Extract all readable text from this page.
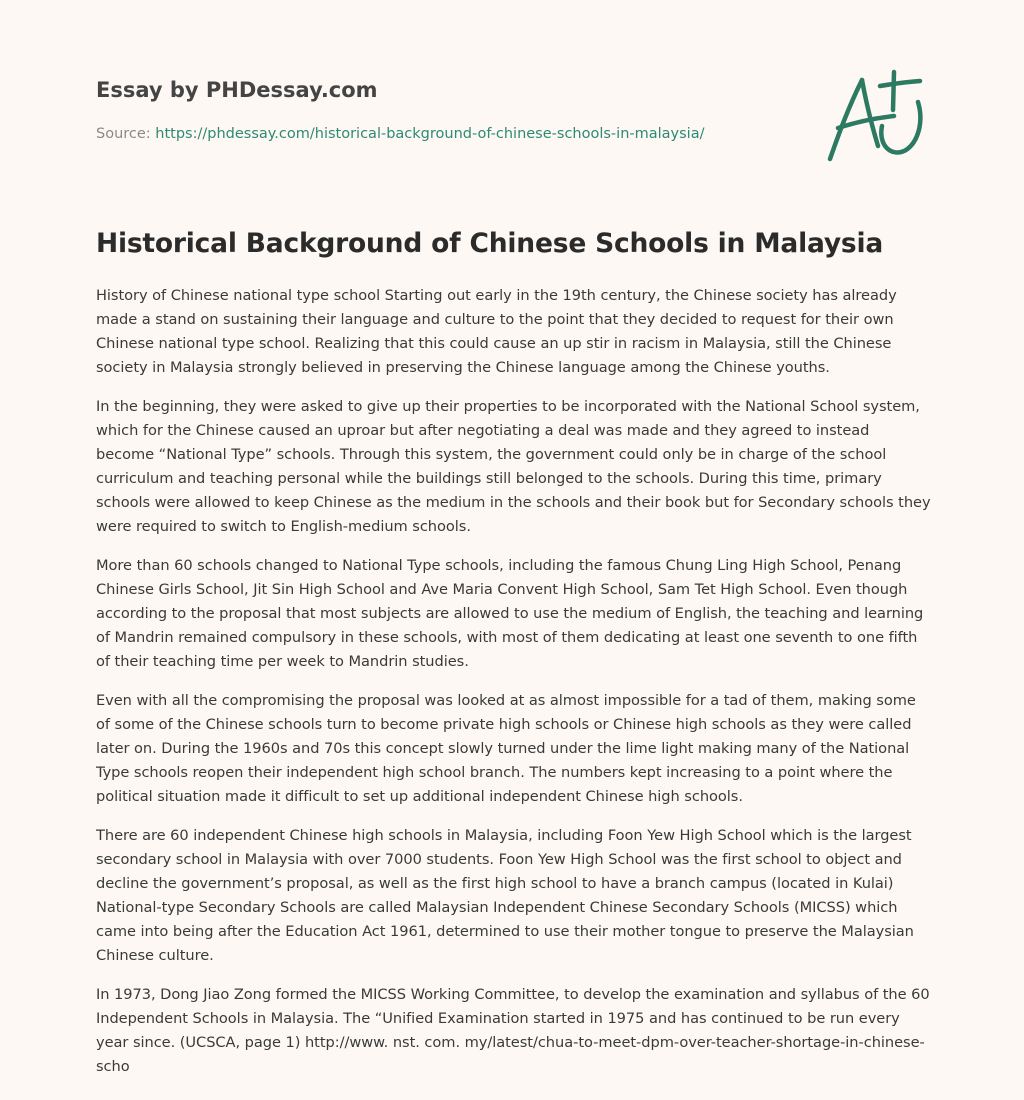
Essay by PHDessay.com
Source: https://phdessay.com/historical-background-of-chinese-schools-in-malaysia/
Historical Background of Chinese Schools in Malaysia

History of Chinese national type school Starting out early in the 19th century, the Chinese society has already made a stand on sustaining their language and culture to the point that they decided to request for their own Chinese national type school. Realizing that this could cause an up stir in racism in Malaysia, still the Chinese society in Malaysia strongly believed in preserving the Chinese language among the Chinese youths.

In the beginning, they were asked to give up their properties to be incorporated with the National School system, which for the Chinese caused an uproar but after negotiating a deal was made and they agreed to instead become “National Type” schools. Through this system, the government could only be in charge of the school curriculum and teaching personal while the buildings still belonged to the schools. During this time, primary schools were allowed to keep Chinese as the medium in the schools and their book but for Secondary schools they were required to switch to English-medium schools.

More than 60 schools changed to National Type schools, including the famous Chung Ling High School, Penang Chinese Girls School, Jit Sin High School and Ave Maria Convent High School, Sam Tet High School. Even though according to the proposal that most subjects are allowed to use the medium of English, the teaching and learning of Mandrin remained compulsory in these schools, with most of them dedicating at least one seventh to one fifth of their teaching time per week to Mandrin studies.

Even with all the compromising the proposal was looked at as almost impossible for a tad of them, making some of some of the Chinese schools turn to become private high schools or Chinese high schools as they were called later on. During the 1960s and 70s this concept slowly turned under the lime light making many of the National Type schools reopen their independent high school branch. The numbers kept increasing to a point where the political situation made it difficult to set up additional independent Chinese high schools.

There are 60 independent Chinese high schools in Malaysia, including Foon Yew High School which is the largest secondary school in Malaysia with over 7000 students. Foon Yew High School was the first school to object and decline the government’s proposal, as well as the first high school to have a branch campus (located in Kulai) National-type Secondary Schools are called Malaysian Independent Chinese Secondary Schools (MICSS) which came into being after the Education Act 1961, determined to use their mother tongue to preserve the Malaysian Chinese culture.

In 1973, Dong Jiao Zong formed the MICSS Working Committee, to develop the examination and syllabus of the 60 Independent Schools in Malaysia. The “Unified Examination started in 1975 and has continued to be run every year since. (UCSCA, page 1) http://www. nst. com. my/latest/chua-to-meet-dpm-over-teacher-shortage-in-chinese-scho
